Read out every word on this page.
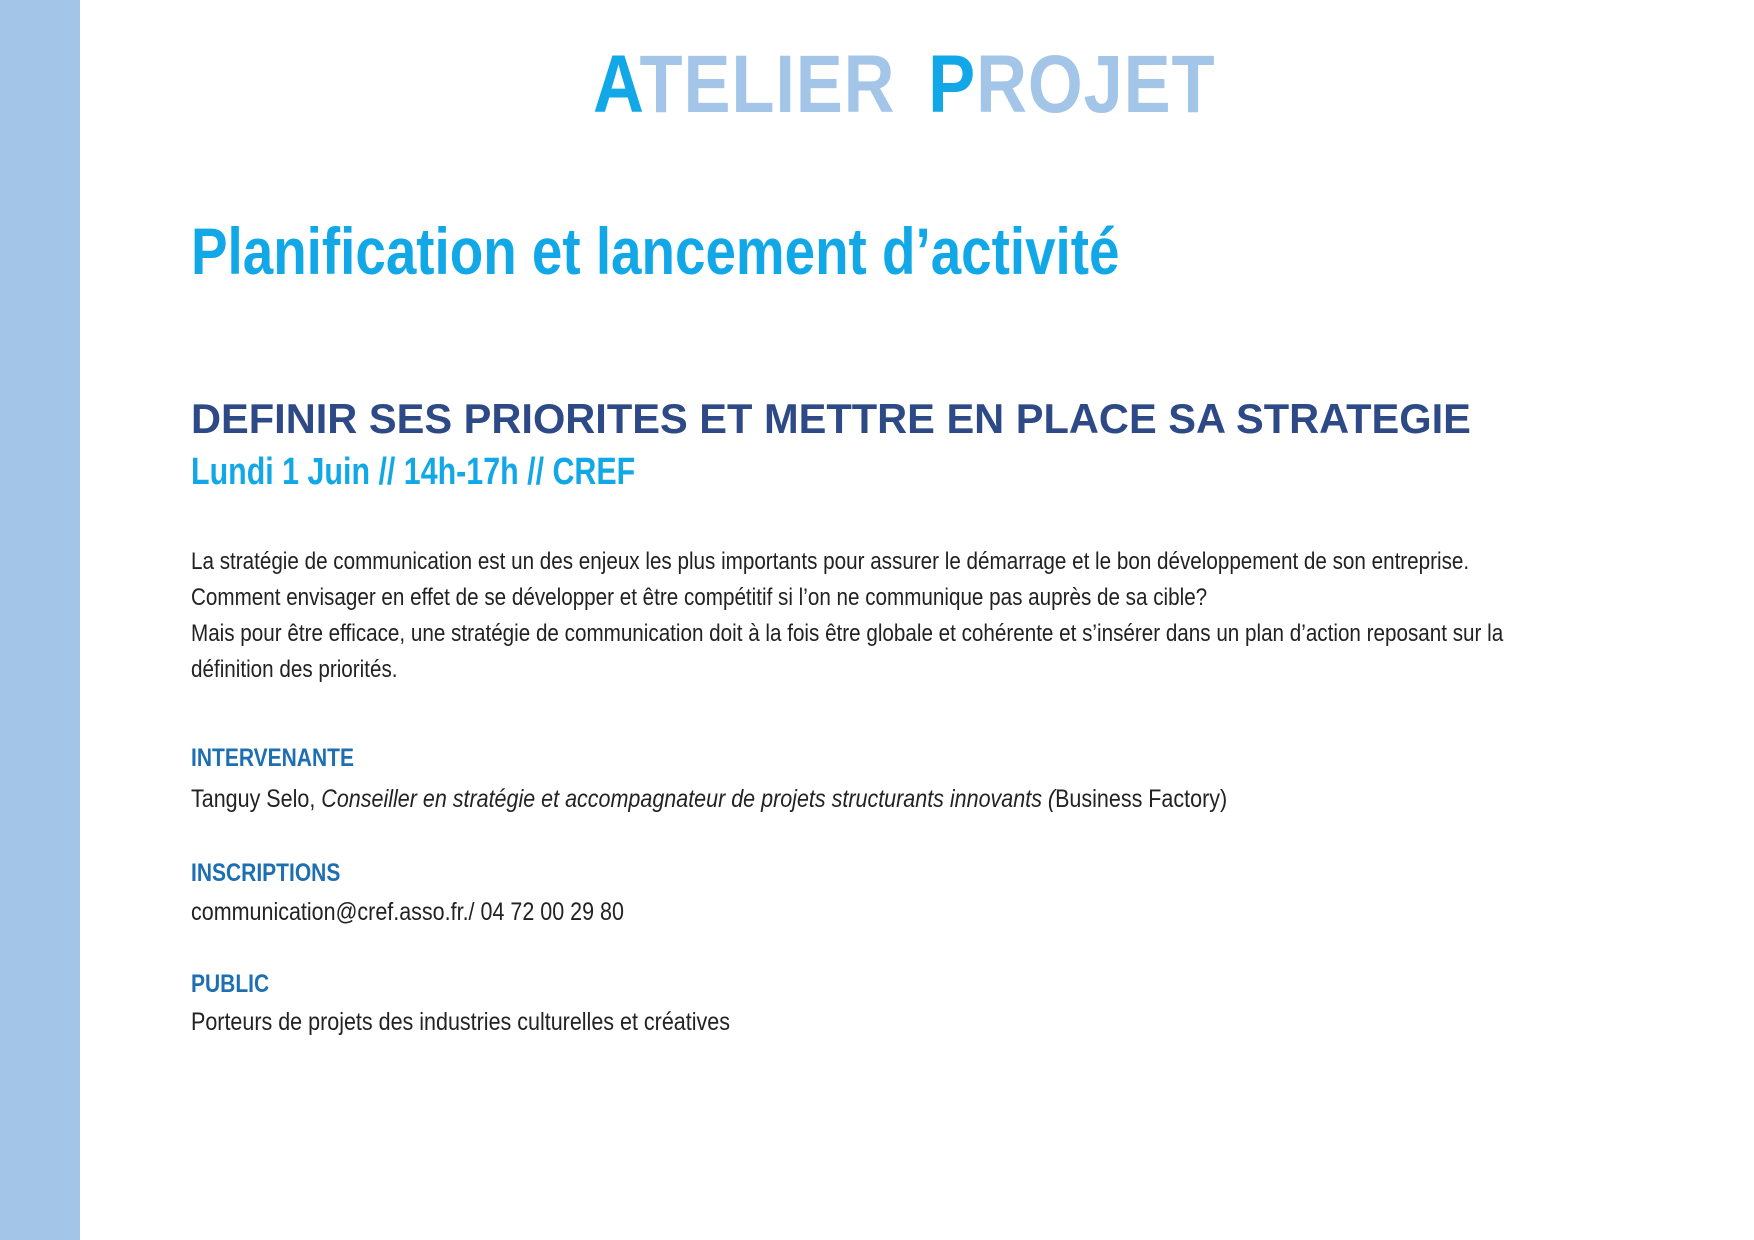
ATELIER PROJET
Planification et lancement d’activité
DEFINIR SES PRIORITES ET METTRE EN PLACE SA STRATEGIE
Lundi 1 Juin // 14h-17h // CREF

La stratégie de communication est un des enjeux les plus importants pour assurer le démarrage et le bon développement de son entreprise. Comment envisager en effet de se développer et être compétitif si l’on ne communique pas auprès de sa cible?

Mais pour être efficace, une stratégie de communication doit à la fois être globale et cohérente et s’insérer dans un plan d’action reposant sur la définition des priorités.

INTERVENANTE
Tanguy Selo, Conseiller en stratégie et accompagnateur de projets structurants innovants (Business Factory)
INSCRIPTIONS
communication@cref.asso.fr./ 04 72 00 29 80
PUBLIC
Porteurs de projets des industries culturelles et créatives
